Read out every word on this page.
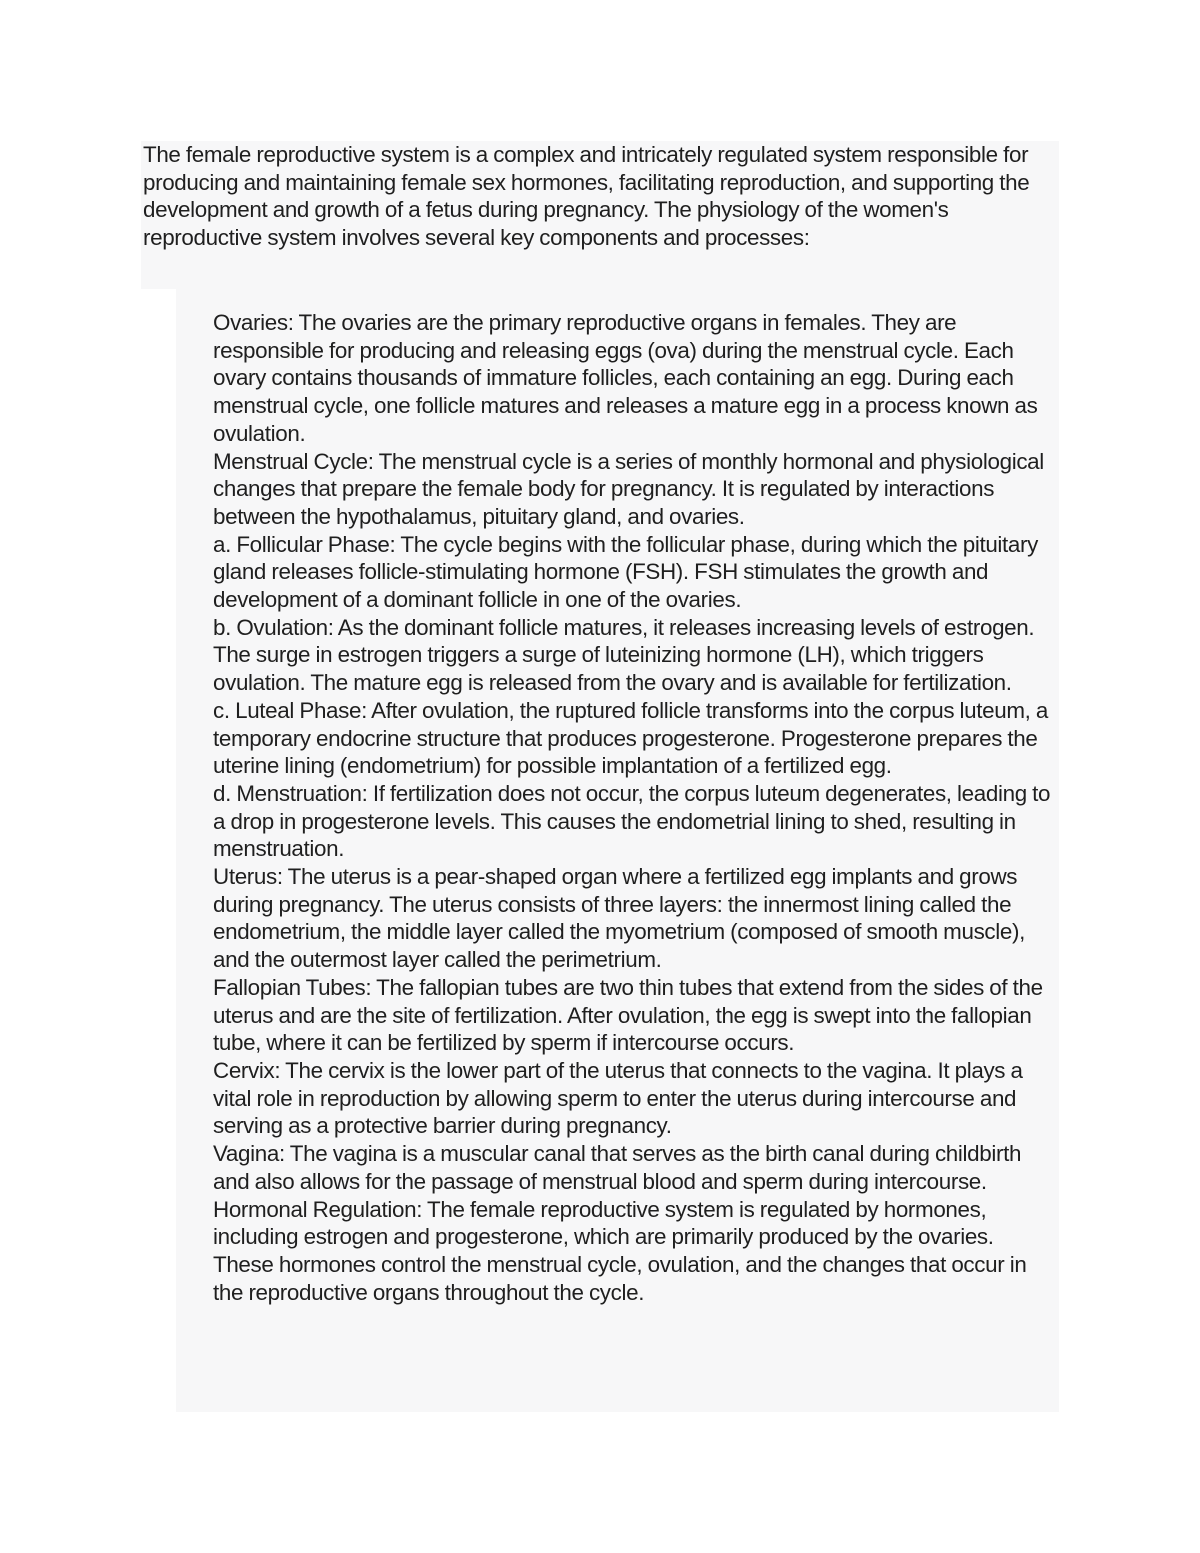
The female reproductive system is a complex and intricately regulated system responsible for producing and maintaining female sex hormones, facilitating reproduction, and supporting the development and growth of a fetus during pregnancy. The physiology of the women's reproductive system involves several key components and processes:

Ovaries: The ovaries are the primary reproductive organs in females. They are responsible for producing and releasing eggs (ova) during the menstrual cycle. Each ovary contains thousands of immature follicles, each containing an egg. During each menstrual cycle, one follicle matures and releases a mature egg in a process known as ovulation.
Menstrual Cycle: The menstrual cycle is a series of monthly hormonal and physiological changes that prepare the female body for pregnancy. It is regulated by interactions between the hypothalamus, pituitary gland, and ovaries.
a. Follicular Phase: The cycle begins with the follicular phase, during which the pituitary gland releases follicle-stimulating hormone (FSH). FSH stimulates the growth and development of a dominant follicle in one of the ovaries.
b. Ovulation: As the dominant follicle matures, it releases increasing levels of estrogen. The surge in estrogen triggers a surge of luteinizing hormone (LH), which triggers ovulation. The mature egg is released from the ovary and is available for fertilization.
c. Luteal Phase: After ovulation, the ruptured follicle transforms into the corpus luteum, a temporary endocrine structure that produces progesterone. Progesterone prepares the uterine lining (endometrium) for possible implantation of a fertilized egg.
d. Menstruation: If fertilization does not occur, the corpus luteum degenerates, leading to a drop in progesterone levels. This causes the endometrial lining to shed, resulting in menstruation.
Uterus: The uterus is a pear-shaped organ where a fertilized egg implants and grows during pregnancy. The uterus consists of three layers: the innermost lining called the endometrium, the middle layer called the myometrium (composed of smooth muscle), and the outermost layer called the perimetrium.
Fallopian Tubes: The fallopian tubes are two thin tubes that extend from the sides of the uterus and are the site of fertilization. After ovulation, the egg is swept into the fallopian tube, where it can be fertilized by sperm if intercourse occurs.
Cervix: The cervix is the lower part of the uterus that connects to the vagina. It plays a vital role in reproduction by allowing sperm to enter the uterus during intercourse and serving as a protective barrier during pregnancy.
Vagina: The vagina is a muscular canal that serves as the birth canal during childbirth and also allows for the passage of menstrual blood and sperm during intercourse.
Hormonal Regulation: The female reproductive system is regulated by hormones, including estrogen and progesterone, which are primarily produced by the ovaries. These hormones control the menstrual cycle, ovulation, and the changes that occur in the reproductive organs throughout the cycle.
